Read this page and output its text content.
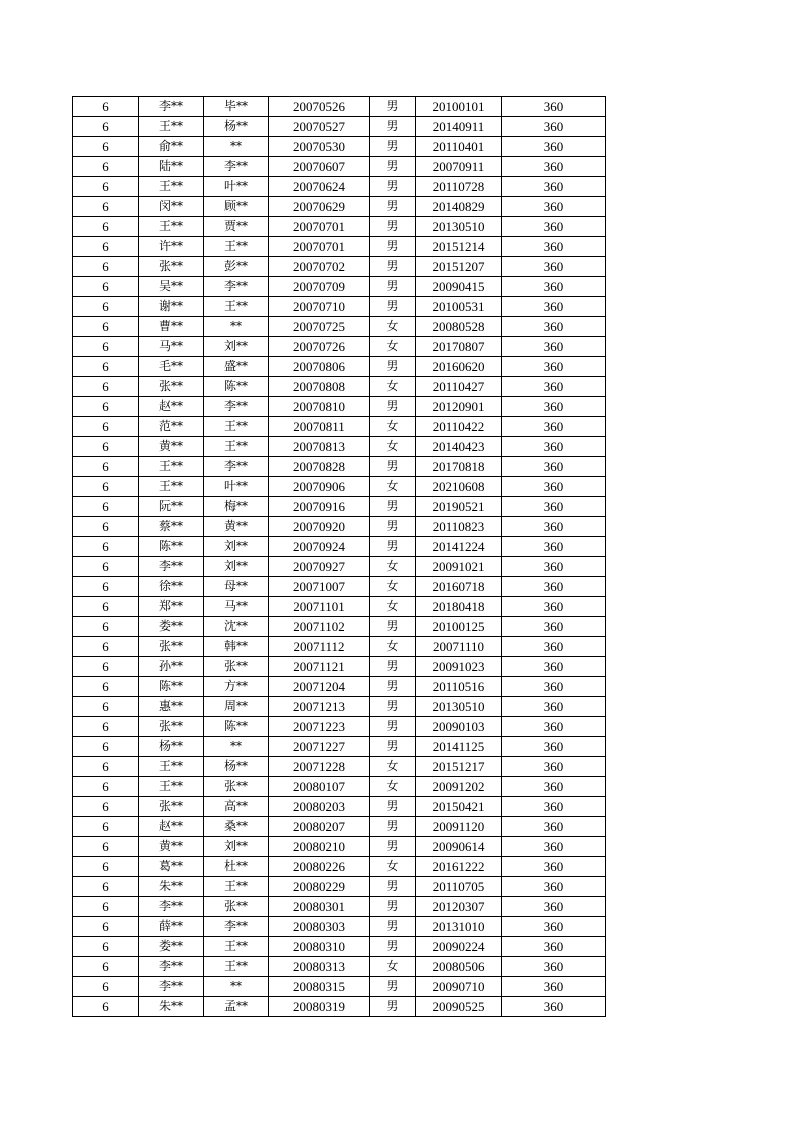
6	李**	毕**	20070526	男	20100101	360
6	王**	杨**	20070527	男	20140911	360
6	俞**	**	20070530	男	20110401	360
6	陆**	李**	20070607	男	20070911	360
6	王**	叶**	20070624	男	20110728	360
6	闵**	顾**	20070629	男	20140829	360
6	王**	贾**	20070701	男	20130510	360
6	许**	王**	20070701	男	20151214	360
6	张**	彭**	20070702	男	20151207	360
6	吴**	李**	20070709	男	20090415	360
6	谢**	王**	20070710	男	20100531	360
6	曹**	**	20070725	女	20080528	360
6	马**	刘**	20070726	女	20170807	360
6	毛**	盛**	20070806	男	20160620	360
6	张**	陈**	20070808	女	20110427	360
6	赵**	李**	20070810	男	20120901	360
6	范**	王**	20070811	女	20110422	360
6	黄**	王**	20070813	女	20140423	360
6	王**	李**	20070828	男	20170818	360
6	王**	叶**	20070906	女	20210608	360
6	阮**	梅**	20070916	男	20190521	360
6	蔡**	黄**	20070920	男	20110823	360
6	陈**	刘**	20070924	男	20141224	360
6	李**	刘**	20070927	女	20091021	360
6	徐**	母**	20071007	女	20160718	360
6	郑**	马**	20071101	女	20180418	360
6	娄**	沈**	20071102	男	20100125	360
6	张**	韩**	20071112	女	20071110	360
6	孙**	张**	20071121	男	20091023	360
6	陈**	方**	20071204	男	20110516	360
6	惠**	周**	20071213	男	20130510	360
6	张**	陈**	20071223	男	20090103	360
6	杨**	**	20071227	男	20141125	360
6	王**	杨**	20071228	女	20151217	360
6	王**	张**	20080107	女	20091202	360
6	张**	高**	20080203	男	20150421	360
6	赵**	桑**	20080207	男	20091120	360
6	黄**	刘**	20080210	男	20090614	360
6	葛**	杜**	20080226	女	20161222	360
6	朱**	王**	20080229	男	20110705	360
6	李**	张**	20080301	男	20120307	360
6	薛**	李**	20080303	男	20131010	360
6	娄**	王**	20080310	男	20090224	360
6	李**	王**	20080313	女	20080506	360
6	李**	**	20080315	男	20090710	360
6	朱**	孟**	20080319	男	20090525	360
